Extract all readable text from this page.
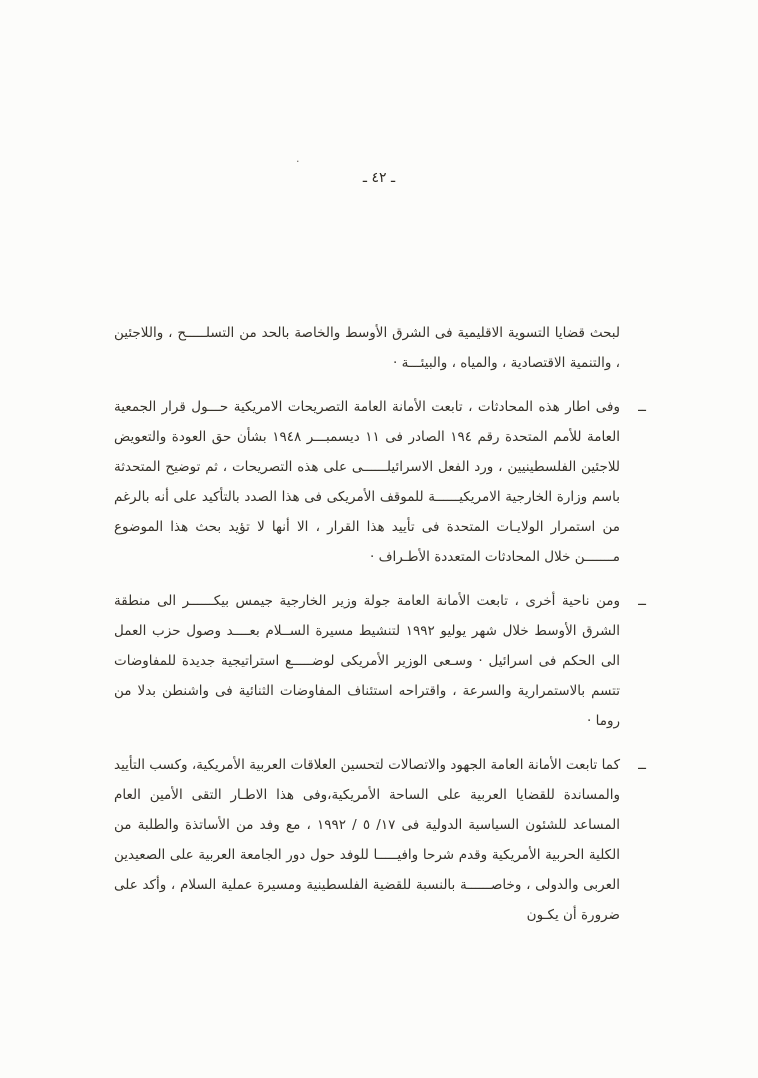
·
ـ ٤٢ ـ
لبحث قضايا التسوية الاقليمية فى الشرق الأوسط والخاصة بالحد من التسلـــــح ، واللاجئين ، والتنمية الاقتصادية ، والمياه ، والبيئـــة ·
ــ
وفى اطار هذه المحادثات ، تابعت الأمانة العامة التصريحات الامريكية حـــول قرار الجمعية العامة للأمم المتحدة رقم ١٩٤ الصادر فى ١١ ديسمبـــر ١٩٤٨ بشأن حق العودة والتعويض للاجئين الفلسطينيين ، ورد الفعل الاسرائيلــــــى على هذه التصريحات ، ثم توضيح المتحدثة باسم وزارة الخارجية الامريكيــــــة للموقف الأمريكى فى هذا الصدد بالتأكيد على أنه بالرغم من استمرار الولايـات المتحدة فى تأييد هذا القرار ، الا أنها لا تؤيد بحث هذا الموضوع مـــــــن خلال المحادثات المتعددة الأطـراف ·
ــ
ومن ناحية أخرى ، تابعت الأمانة العامة جولة وزير الخارجية جيمس بيكــــــر الى منطقة الشرق الأوسط خلال شهر يوليو ١٩٩٢ لتنشيط مسيرة الســلام بعــــد وصول حزب العمل الى الحكم فى اسرائيل · وسـعى الوزير الأمريكى لوضـــــع استراتيجية جديدة للمفاوضات تتسم بالاستمرارية والسرعة ، واقتراحه استئناف المفاوضات الثنائية فى واشنطن بدلا من روما ·
ــ
كما تابعت الأمانة العامة الجهود والاتصالات لتحسين العلاقات العربية الأمريكية، وكسب التأييد والمساندة للقضايا العربية على الساحة الأمريكية،وفى هذا الاطـار التقى الأمين العام المساعد للشئون السياسية الدولية فى ١٧/ ٥ / ١٩٩٢ ، مع وفد من الأساتذة والطلبة من الكلية الحربية الأمريكية وقدم شرحا وافيـــــا للوفد حول دور الجامعة العربية على الصعيدين العربى والدولى ، وخاصــــــة بالنسبة للقضية الفلسطينية ومسيرة عملية السلام ، وأكد على ضرورة أن يكـون
